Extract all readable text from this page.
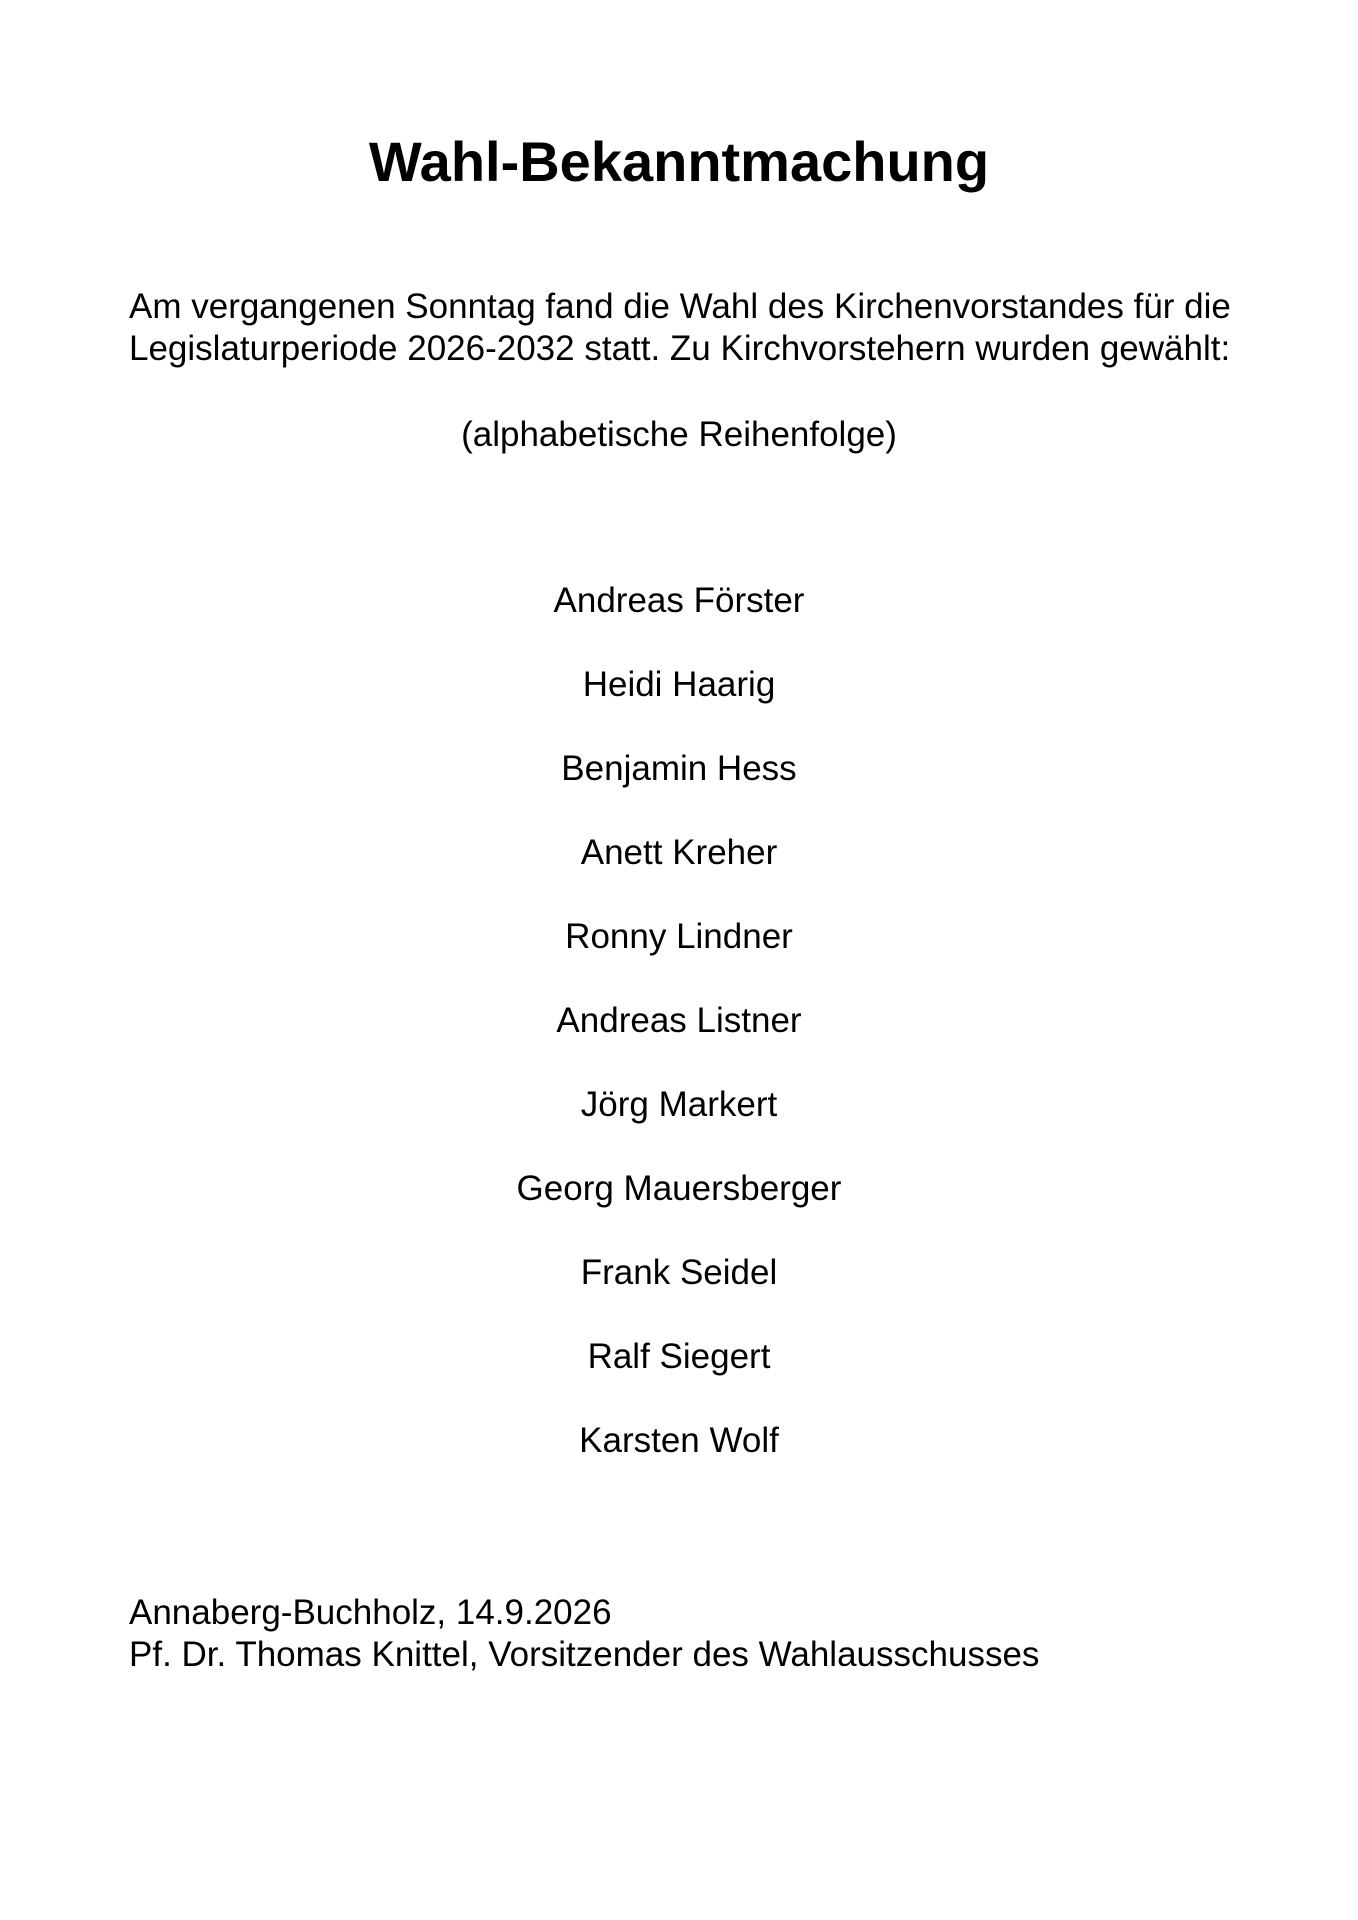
Wahl-Bekanntmachung

Am vergangenen Sonntag fand die Wahl des Kirchenvorstandes für die Legislaturperiode 2026-2032 statt. Zu Kirchvorstehern wurden gewählt:

(alphabetische Reihenfolge)

Andreas Förster
Heidi Haarig
Benjamin Hess
Anett Kreher
Ronny Lindner
Andreas Listner
Jörg Markert
Georg Mauersberger
Frank Seidel
Ralf Siegert
Karsten Wolf
Annaberg-Buchholz, 14.9.2026
Pf. Dr. Thomas Knittel, Vorsitzender des Wahlausschusses
